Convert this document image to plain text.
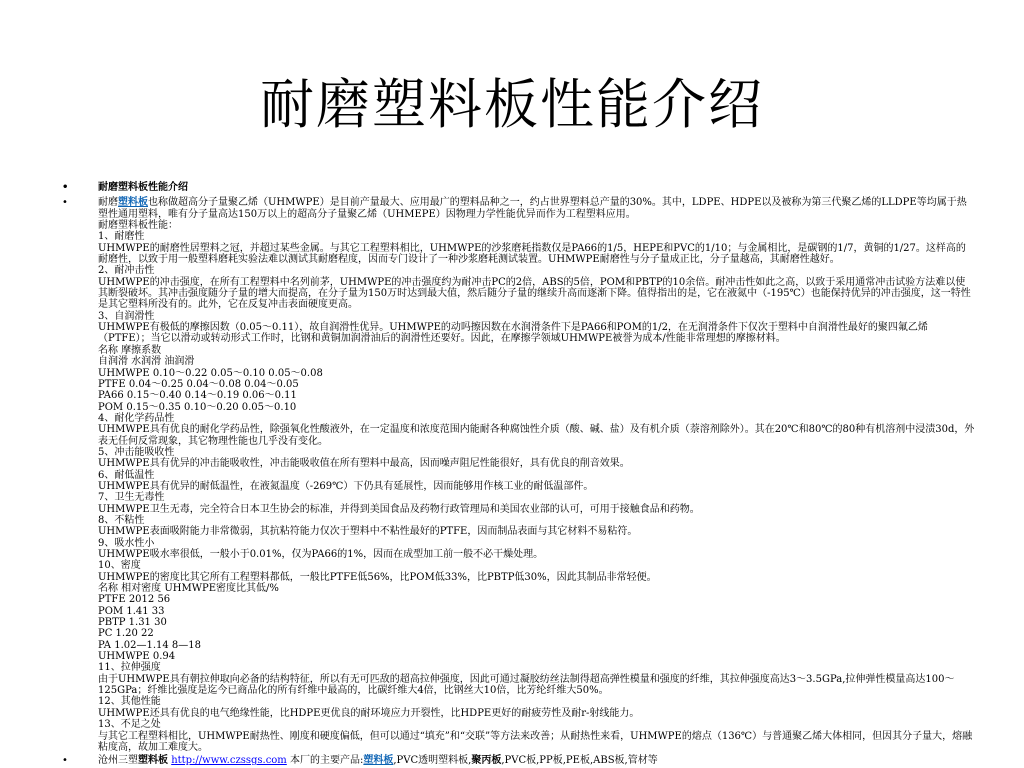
耐磨塑料板性能介绍
•	耐磨塑料板性能介绍
•	耐磨塑料板也称做超高分子量聚乙烯（UHMWPE）是目前产量最大、应用最广的塑料品种之一，约占世界塑料总产量的30%。其中，LDPE、HDPE以及被称为第三代聚乙烯的LLDPE等均属于热塑性通用塑料，唯有分子量高达150万以上的超高分子量聚乙烯（UHMEPE）因物理力学性能优异而作为工程塑料应用。
耐磨塑料板性能：
1、耐磨性
UHMWPE的耐磨性居塑料之冠，并超过某些金属。与其它工程塑料相比，UHMWPE的沙浆磨耗指数仅是PA66的1/5，HEPE和PVC的1/10；与金属相比，是碳钢的1/7，黄铜的1/27。这样高的耐磨性，以致于用一般塑料磨耗实验法难以测试其耐磨程度，因而专门设计了一种沙浆磨耗测试装置。UHMWPE耐磨性与分子量成正比，分子量越高，其耐磨性越好。
2、耐冲击性
UHMWPE的冲击强度，在所有工程塑料中名列前茅，UHMWPE的冲击强度约为耐冲击PC的2倍，ABS的5倍，POM和PBTP的10余倍。耐冲击性如此之高，以致于采用通常冲击试验方法难以使其断裂破坏。其冲击强度随分子量的增大而提高，在分子量为150万时达到最大值，然后随分子量的继续升高而逐渐下降。值得指出的是，它在液氮中（-195℃）也能保持优异的冲击强度，这一特性是其它塑料所没有的。此外，它在反复冲击表面硬度更高。
3、自润滑性
UHMWPE有极低的摩擦因数（0.05～0.11），故自润滑性优异。UHMWPE的动吗擦因数在水润滑条件下是PA66和POM的1/2，在无润滑条件下仅次于塑料中自润滑性最好的聚四氟乙烯（PTFE）；当它以滑动或转动形式工作时，比钢和黄铜加润滑油后的润滑性还要好。因此，在摩擦学领域UHMWPE被誉为成本/性能非常理想的摩擦材料。
名称 摩擦系数
自润滑 水润滑 油润滑
UHMWPE 0.10～0.22 0.05～0.10 0.05～0.08
PTFE 0.04～0.25 0.04～0.08 0.04～0.05
PA66 0.15～0.40 0.14～0.19 0.06～0.11
POM 0.15～0.35 0.10～0.20 0.05～0.10
4、耐化学药品性
UHMWPE具有优良的耐化学药品性，除强氧化性酸液外，在一定温度和浓度范围内能耐各种腐蚀性介质（酸、碱、盐）及有机介质（萘溶剂除外）。其在20℃和80℃的80种有机溶剂中浸渍30d，外表无任何反常现象，其它物理性能也几乎没有变化。
5、冲击能吸收性
UHMWPE具有优异的冲击能吸收性，冲击能吸收值在所有塑料中最高，因而噪声阻尼性能很好，具有优良的削音效果。
6、耐低温性
UHMWPE具有优异的耐低温性，在液氮温度（-269℃）下仍具有延展性，因而能够用作核工业的耐低温部件。
7、卫生无毒性
UHMWPE卫生无毒，完全符合日本卫生协会的标准，并得到美国食品及药物行政管理局和美国农业部的认可，可用于接触食品和药物。
8、不粘性
UHMWPE表面吸附能力非常微弱，其抗粘符能力仅次于塑料中不粘性最好的PTFE，因而制品表面与其它材料不易粘符。
9、吸水性小
UHMWPE吸水率很低，一般小于0.01%，仅为PA66的1%，因而在成型加工前一般不必干燥处理。
10、密度
UHMWPE的密度比其它所有工程塑料都低，一般比PTFE低56%，比POM低33%，比PBTP低30%，因此其制品非常轻便。
名称 相对密度 UHMWPE密度比其低/%
PTFE 2012 56
POM 1.41 33
PBTP 1.31 30
PC 1.20 22
PA 1.02—1.14 8—18
UHMWPE 0.94
11、拉伸强度
由于UHMWPE具有朝拉伸取向必备的结构特征，所以有无可匹敌的超高拉伸强度，因此可通过凝胶纺丝法制得超高弹性模量和强度的纤维，其拉伸强度高达3～3.5GPa,拉伸弹性模量高达100～125GPa；纤维比强度是迄今已商品化的所有纤维中最高的，比碳纤维大4倍，比钢丝大10倍，比芳纶纤维大50%。
12、其他性能
UHMWPE还具有优良的电气绝缘性能，比HDPE更优良的耐环境应力开裂性，比HDPE更好的耐疲劳性及耐r-射线能力。
13、不足之处
与其它工程塑料相比，UHMWPE耐热性、刚度和硬度偏低，但可以通过“填充”和“交联”等方法来改善；从耐热性来看，UHMWPE的熔点（136℃）与普通聚乙烯大体相同，但因其分子量大，熔融粘度高，故加工难度大。
•	沧州三塑塑料板 http://www.czssgs.com 本厂的主要产品:塑料板,PVC透明塑料板,聚丙板,PVC板,PP板,PE板,ABS板,管材等
